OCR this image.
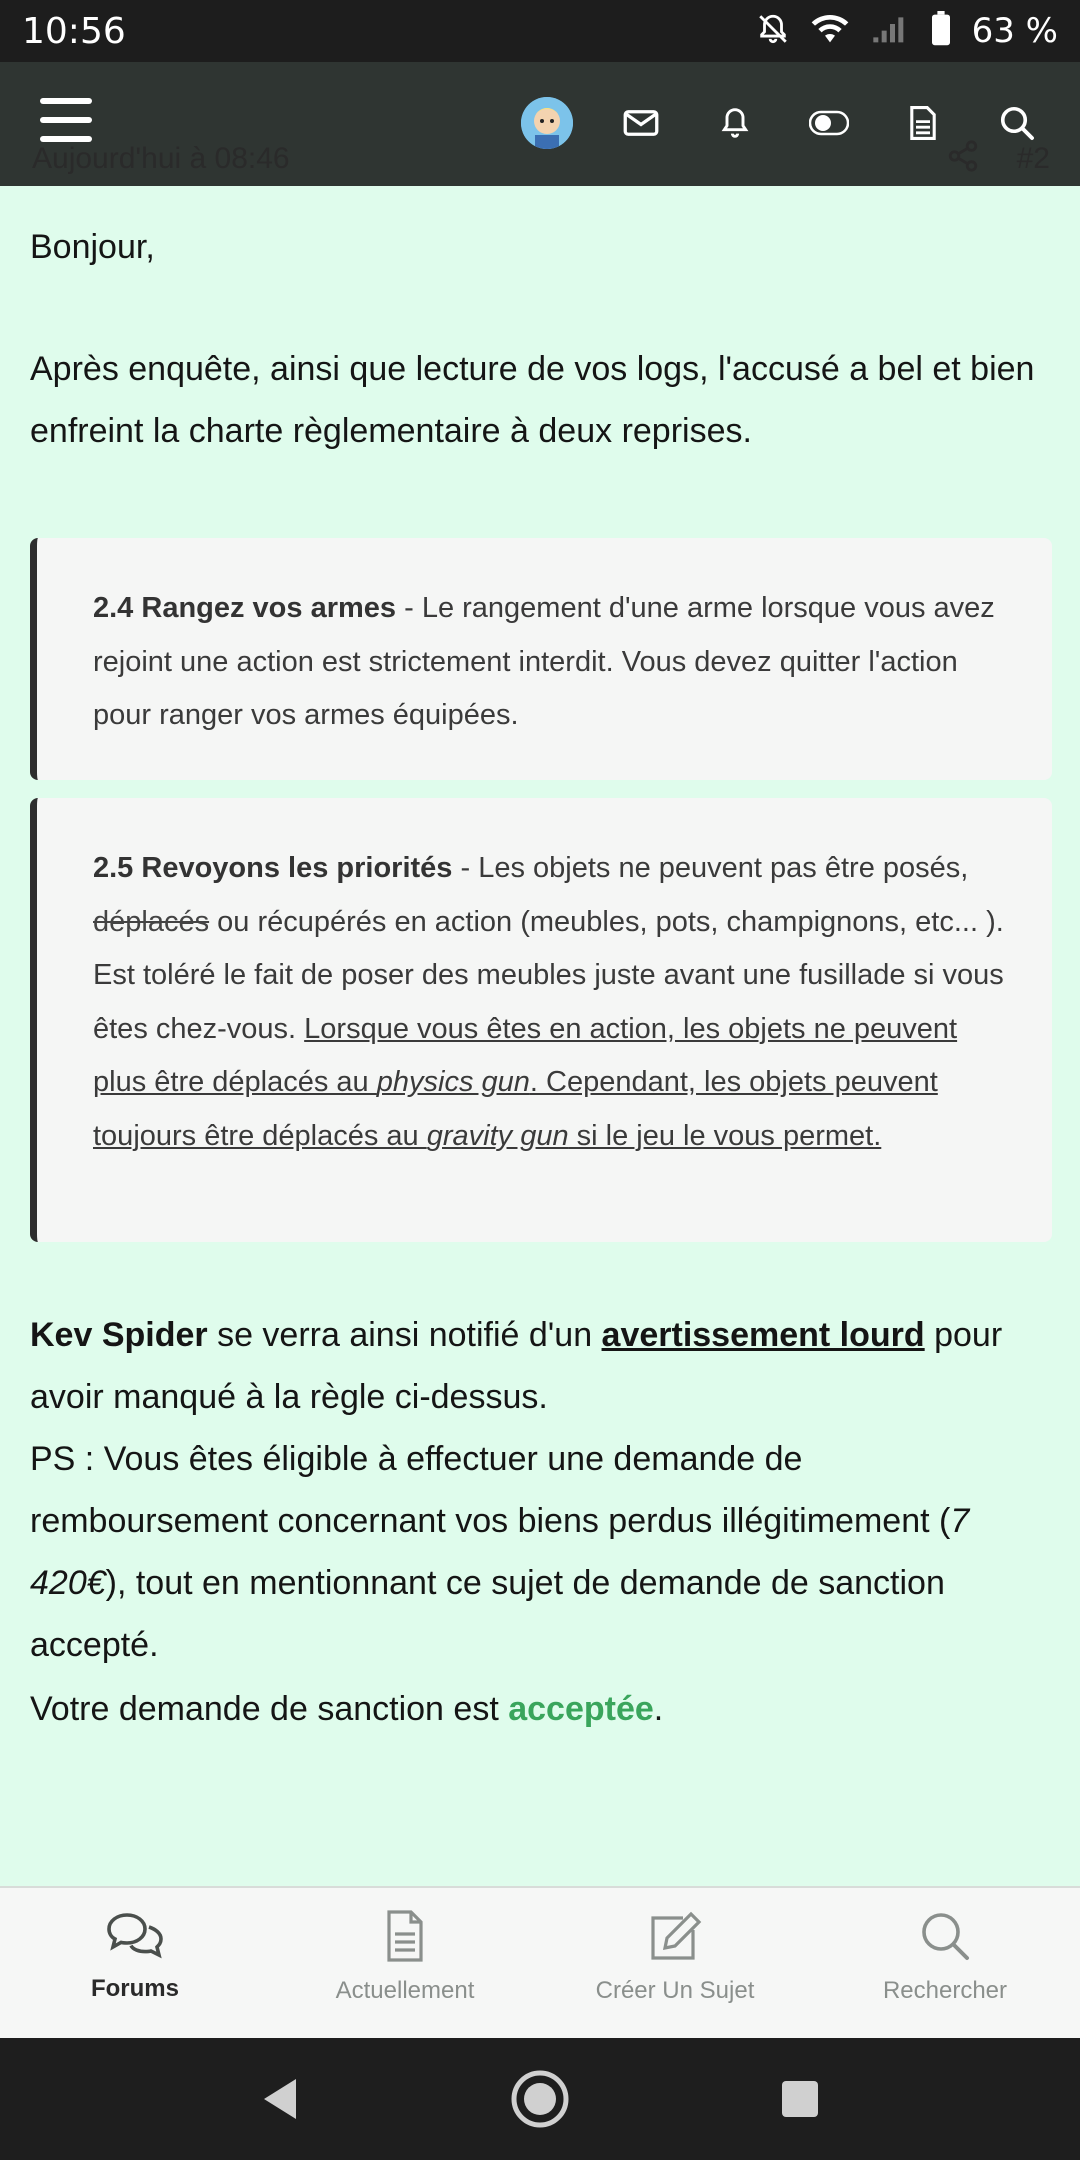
10:56	63 %
Aujourd'hui à 08:46	#2
Bonjour,
Après enquête, ainsi que lecture de vos logs, l'accusé a bel et bien enfreint la charte règlementaire à deux reprises.
2.4 Rangez vos armes - Le rangement d'une arme lorsque vous avez rejoint une action est strictement interdit. Vous devez quitter l'action pour ranger vos armes équipées.
2.5 Revoyons les priorités - Les objets ne peuvent pas être posés, déplacés ou récupérés en action (meubles, pots, champignons, etc... ). Est toléré le fait de poser des meubles juste avant une fusillade si vous êtes chez-vous. Lorsque vous êtes en action, les objets ne peuvent plus être déplacés au physics gun. Cependant, les objets peuvent toujours être déplacés au gravity gun si le jeu le vous permet.
Kev Spider se verra ainsi notifié d'un avertissement lourd pour avoir manqué à la règle ci-dessus.
PS : Vous êtes éligible à effectuer une demande de remboursement concernant vos biens perdus illégitimement (7 420€), tout en mentionnant ce sujet de demande de sanction accepté.
Votre demande de sanction est acceptée.
Forums	Actuellement	Créer Un Sujet	Rechercher
